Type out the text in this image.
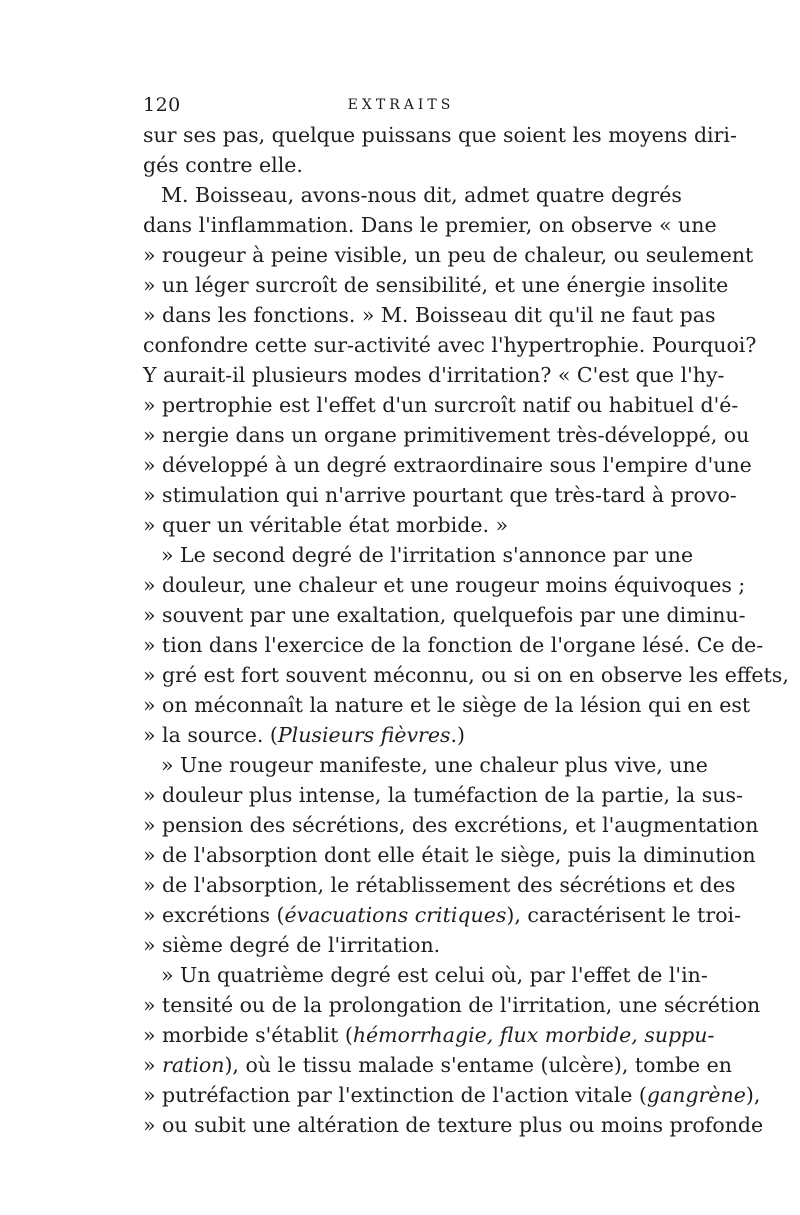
120	EXTRAITS
sur ses pas, quelque puissans que soient les moyens diri-
gés contre elle.
M. Boisseau, avons-nous dit, admet quatre degrés
dans l'inflammation. Dans le premier, on observe « une
» rougeur à peine visible, un peu de chaleur, ou seulement
» un léger surcroît de sensibilité, et une énergie insolite
» dans les fonctions. » M. Boisseau dit qu'il ne faut pas
confondre cette sur-activité avec l'hypertrophie. Pourquoi?
Y aurait-il plusieurs modes d'irritation? « C'est que l'hy-
» pertrophie est l'effet d'un surcroît natif ou habituel d'é-
» nergie dans un organe primitivement très-développé, ou
» développé à un degré extraordinaire sous l'empire d'une
» stimulation qui n'arrive pourtant que très-tard à provo-
» quer un véritable état morbide. »
» Le second degré de l'irritation s'annonce par une
» douleur, une chaleur et une rougeur moins équivoques ;
» souvent par une exaltation, quelquefois par une diminu-
» tion dans l'exercice de la fonction de l'organe lésé. Ce de-
» gré est fort souvent méconnu, ou si on en observe les effets,
» on méconnaît la nature et le siège de la lésion qui en est
» la source. (Plusieurs fièvres.)
» Une rougeur manifeste, une chaleur plus vive, une
» douleur plus intense, la tuméfaction de la partie, la sus-
» pension des sécrétions, des excrétions, et l'augmentation
» de l'absorption dont elle était le siège, puis la diminution
» de l'absorption, le rétablissement des sécrétions et des
» excrétions (évacuations critiques), caractérisent le troi-
» sième degré de l'irritation.
» Un quatrième degré est celui où, par l'effet de l'in-
» tensité ou de la prolongation de l'irritation, une sécrétion
» morbide s'établit (hémorrhagie, flux morbide, suppu-
» ration), où le tissu malade s'entame (ulcère), tombe en
» putréfaction par l'extinction de l'action vitale (gangrène),
» ou subit une altération de texture plus ou moins profonde
